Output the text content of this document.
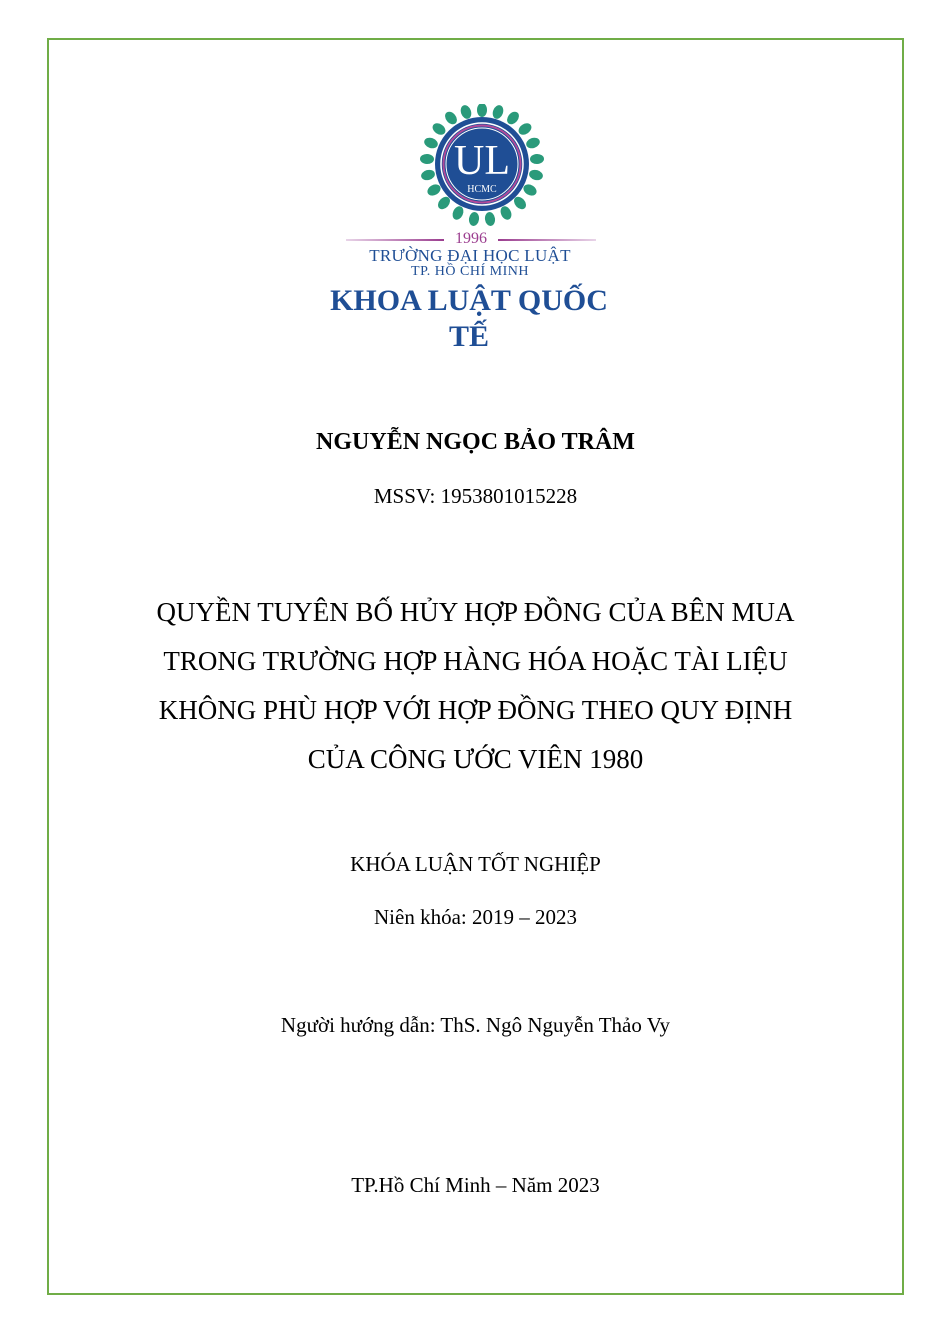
UL
HCMC
1996
TRƯỜNG ĐẠI HỌC LUẬT
TP. HỒ CHÍ MINH
KHOA LUẬT QUỐC TẾ
NGUYỄN NGỌC BẢO TRÂM
MSSV: 1953801015228
QUYỀN TUYÊN BỐ HỦY HỢP ĐỒNG CỦA BÊN MUA
TRONG TRƯỜNG HỢP HÀNG HÓA HOẶC TÀI LIỆU
KHÔNG PHÙ HỢP VỚI HỢP ĐỒNG THEO QUY ĐỊNH
CỦA CÔNG ƯỚC VIÊN 1980
KHÓA LUẬN TỐT NGHIỆP
Niên khóa: 2019 – 2023
Người hướng dẫn: ThS. Ngô Nguyễn Thảo Vy
TP.Hồ Chí Minh – Năm 2023
